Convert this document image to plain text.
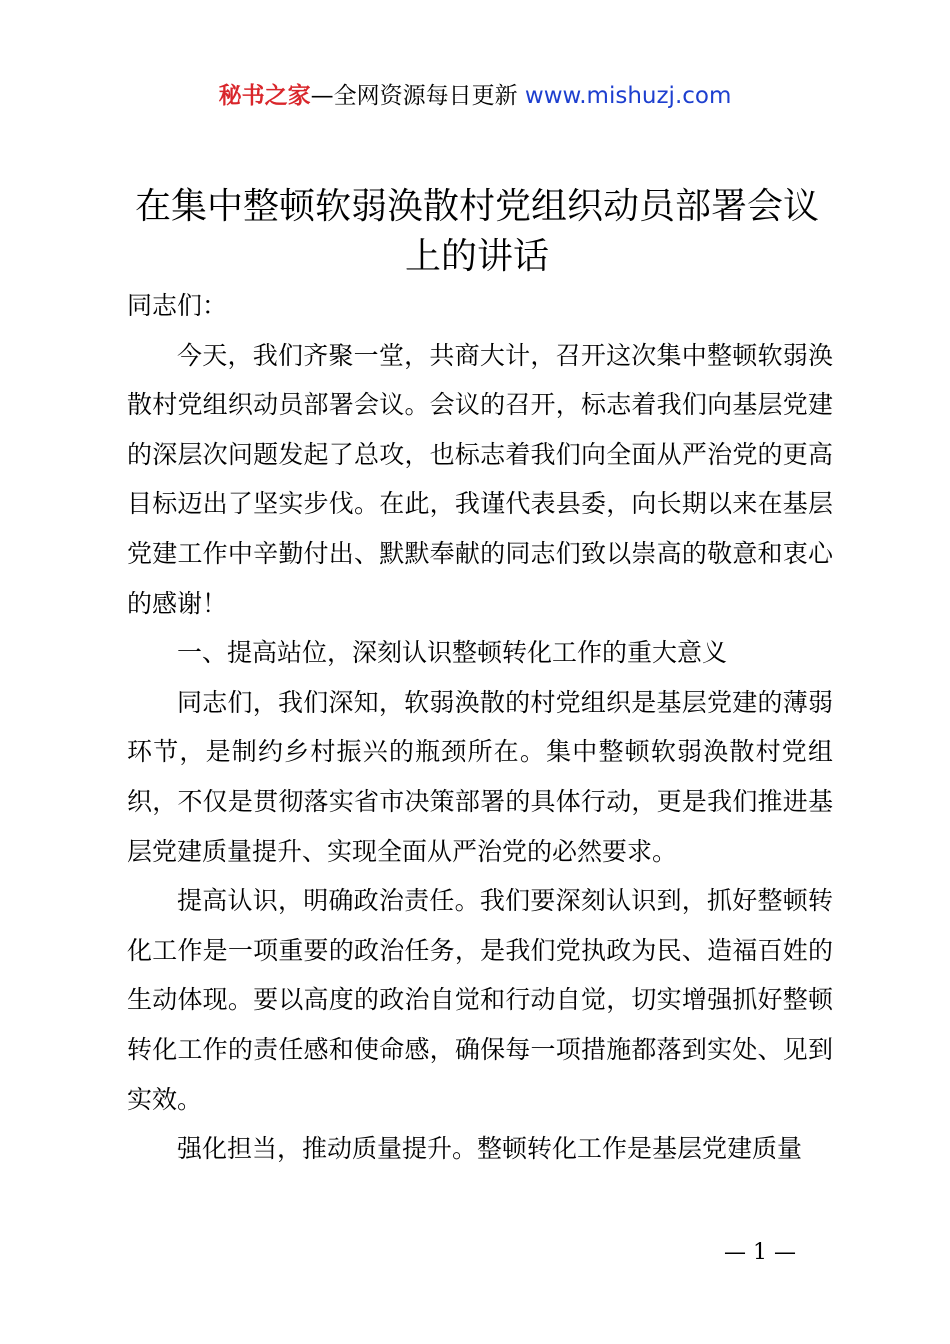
秘书之家—全网资源每日更新 www.mishuzj.com
在集中整顿软弱涣散村党组织动员部署会议上的讲话

同志们：

今天，我们齐聚一堂，共商大计，召开这次集中整顿软弱涣散村党组织动员部署会议。会议的召开，标志着我们向基层党建的深层次问题发起了总攻，也标志着我们向全面从严治党的更高目标迈出了坚实步伐。在此，我谨代表县委，向长期以来在基层党建工作中辛勤付出、默默奉献的同志们致以崇高的敬意和衷心的感谢！

一、提高站位，深刻认识整顿转化工作的重大意义

同志们，我们深知，软弱涣散的村党组织是基层党建的薄弱环节，是制约乡村振兴的瓶颈所在。集中整顿软弱涣散村党组织，不仅是贯彻落实省市决策部署的具体行动，更是我们推进基层党建质量提升、实现全面从严治党的必然要求。

提高认识，明确政治责任。我们要深刻认识到，抓好整顿转化工作是一项重要的政治任务，是我们党执政为民、造福百姓的生动体现。要以高度的政治自觉和行动自觉，切实增强抓好整顿转化工作的责任感和使命感，确保每一项措施都落到实处、见到实效。

强化担当，推动质量提升。整顿转化工作是基层党建质量

— 1 —
